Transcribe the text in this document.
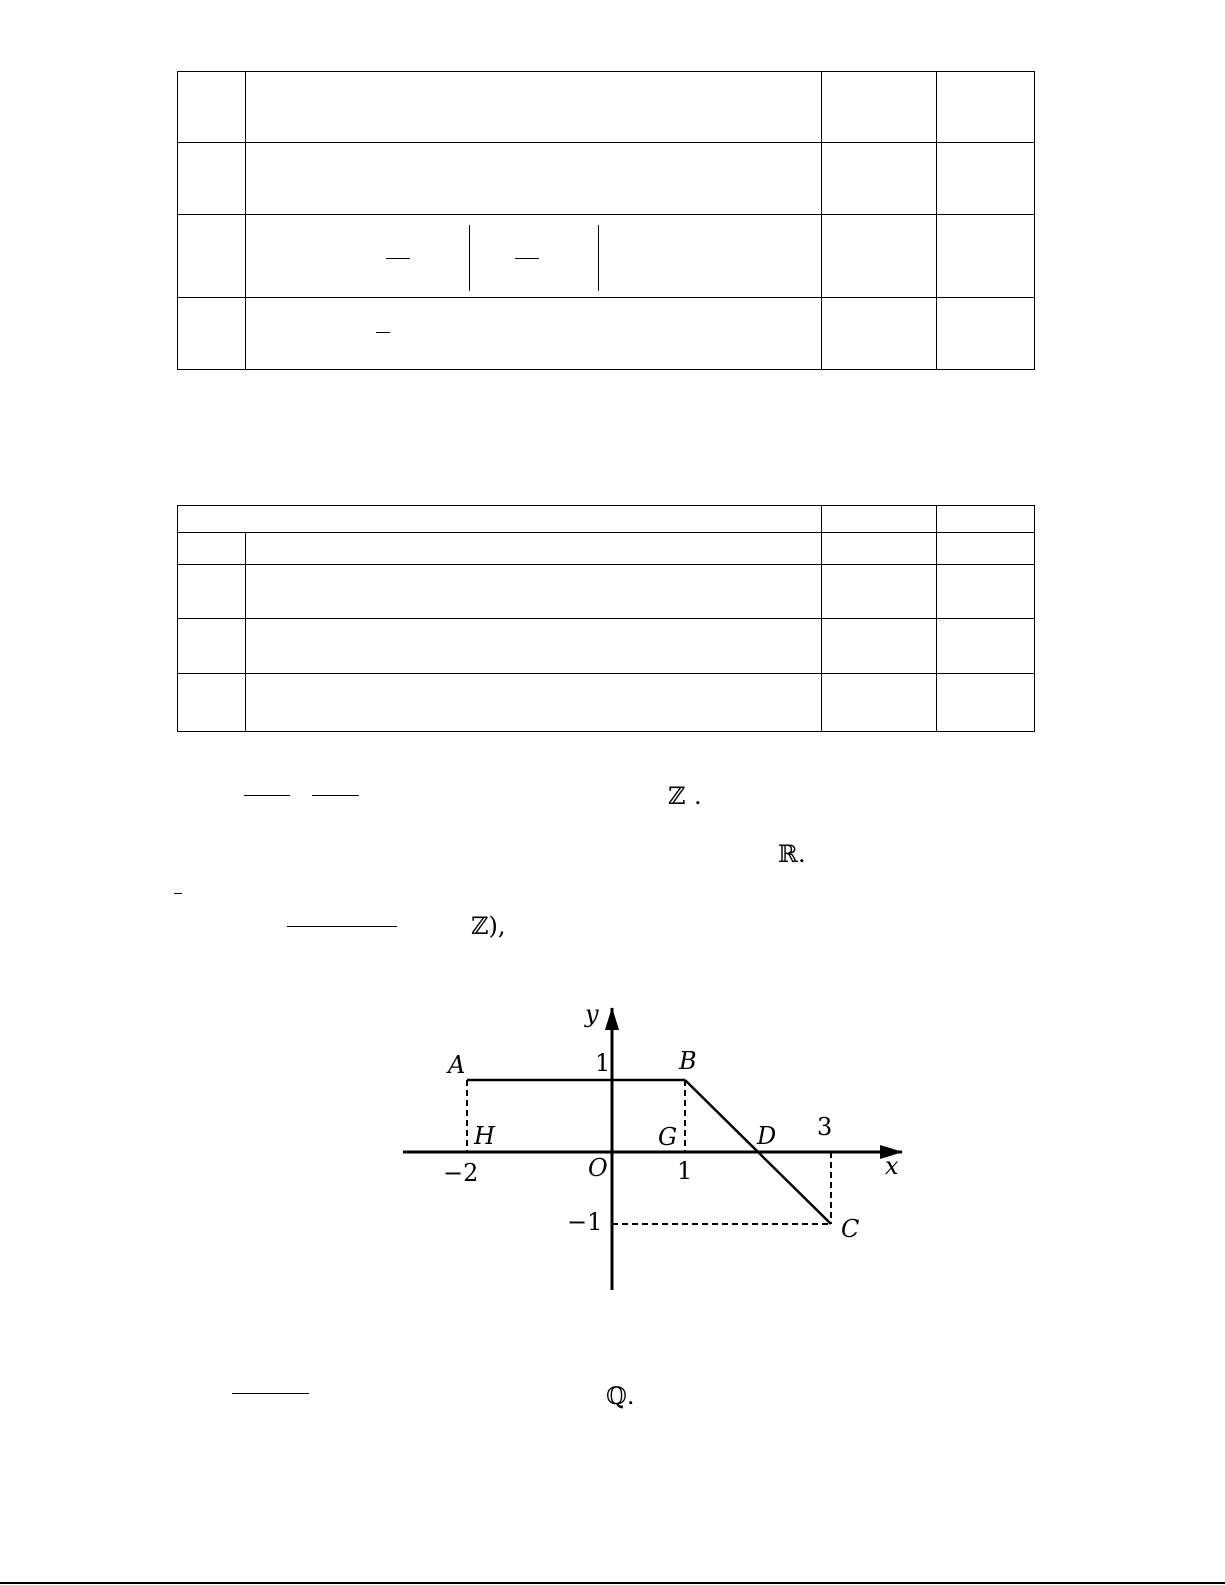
ℤ .
ℝ.
ℤ),
y
x
O
A	B
C
D
G
H
1
−1
−2	1
3
ℚ.
